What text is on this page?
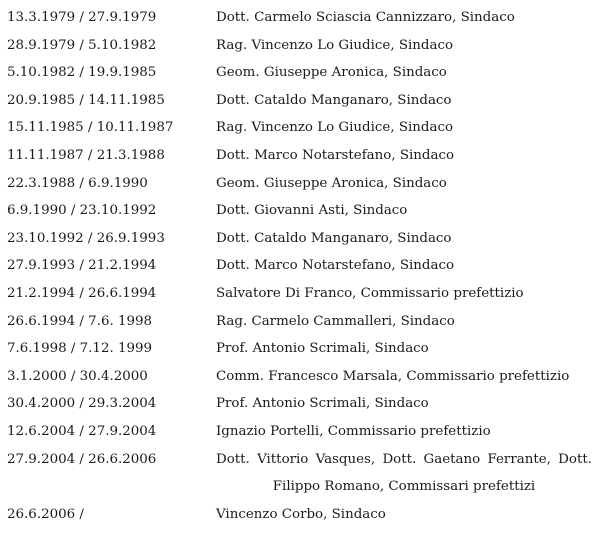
13.3.1979 / 27.9.1979	Dott. Carmelo Sciascia Cannizzaro, Sindaco
28.9.1979 / 5.10.1982	Rag. Vincenzo Lo Giudice, Sindaco
5.10.1982 / 19.9.1985	Geom. Giuseppe Aronica, Sindaco
20.9.1985 / 14.11.1985	Dott. Cataldo Manganaro, Sindaco
15.11.1985 / 10.11.1987	Rag. Vincenzo Lo Giudice, Sindaco
11.11.1987 / 21.3.1988	Dott. Marco Notarstefano, Sindaco
22.3.1988 / 6.9.1990	Geom. Giuseppe Aronica, Sindaco
6.9.1990 / 23.10.1992	Dott. Giovanni Asti, Sindaco
23.10.1992 / 26.9.1993	Dott. Cataldo Manganaro, Sindaco
27.9.1993 / 21.2.1994	Dott. Marco Notarstefano, Sindaco
21.2.1994 / 26.6.1994	Salvatore Di Franco, Commissario prefettizio
26.6.1994 / 7.6. 1998	Rag. Carmelo Cammalleri, Sindaco
7.6.1998 / 7.12. 1999	Prof. Antonio Scrimali, Sindaco
3.1.2000 / 30.4.2000	Comm. Francesco Marsala, Commissario prefettizio
30.4.2000 / 29.3.2004	Prof. Antonio Scrimali, Sindaco
12.6.2004 / 27.9.2004	Ignazio Portelli, Commissario prefettizio
27.9.2004 / 26.6.2006	Dott. Vittorio Vasques, Dott. Gaetano Ferrante, Dott. Filippo Romano, Commissari prefettizi
26.6.2006 /	Vincenzo Corbo, Sindaco
